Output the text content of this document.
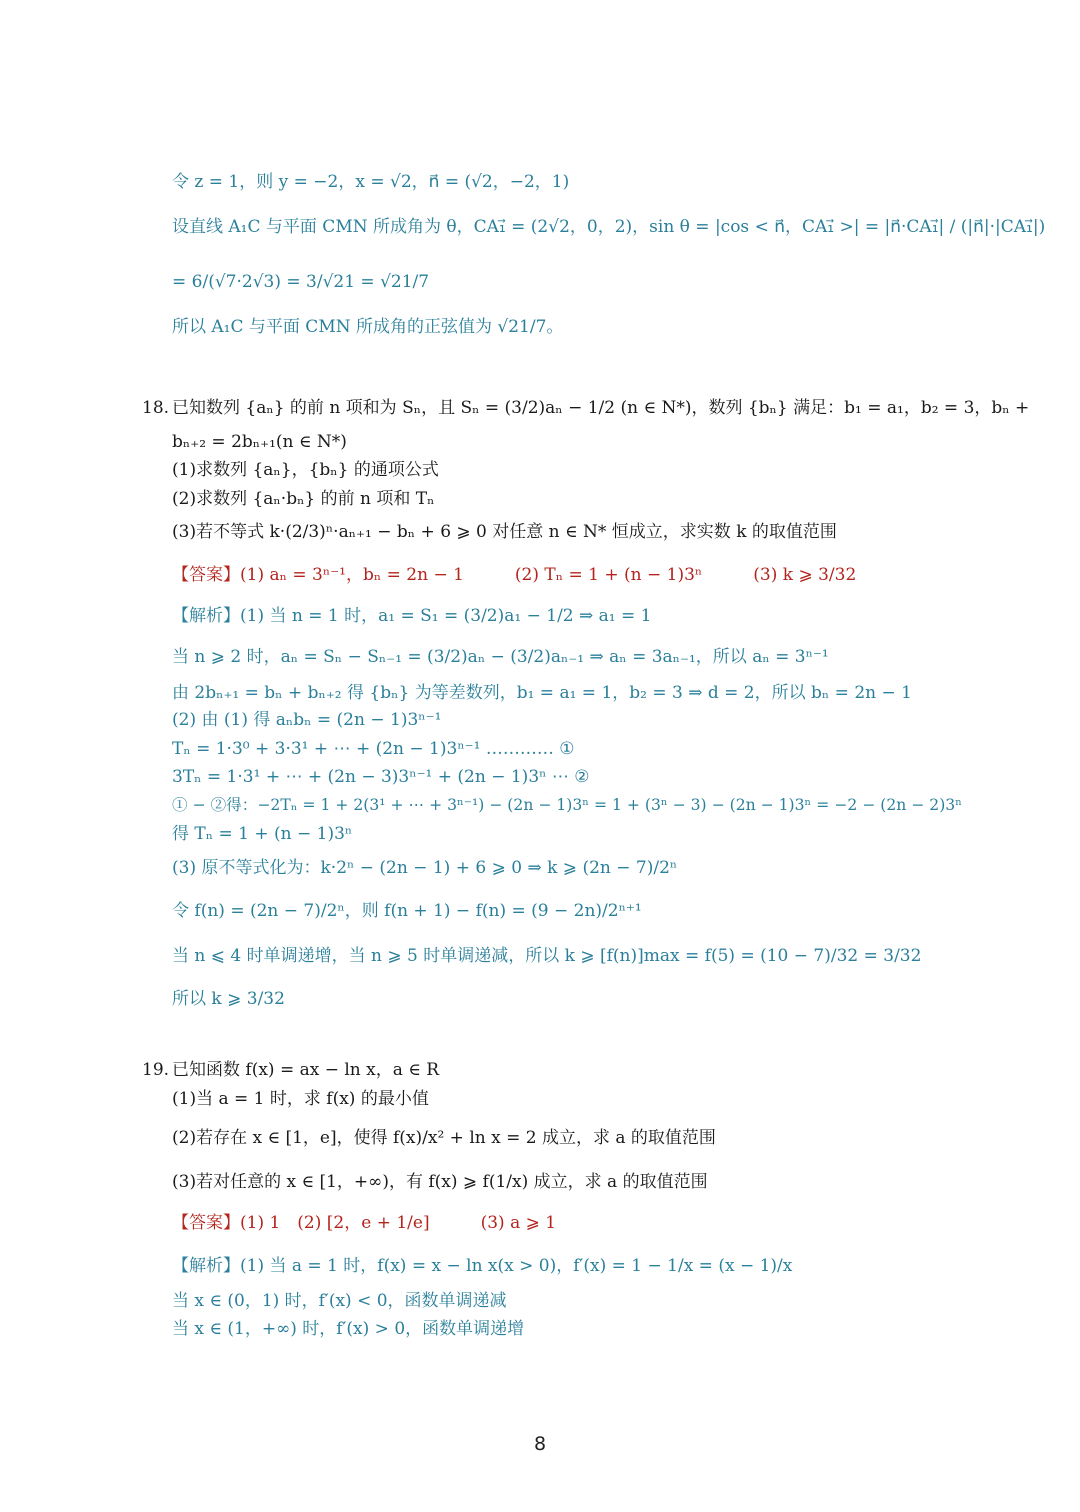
令 z = 1，则 y = −2，x = √2，n⃗ = (√2，−2，1)
设直线 A₁C 与平面 CMN 所成角为 θ，CA₁⃗ = (2√2，0，2)，sin θ = |cos < n⃗，CA₁⃗ >| = |n⃗·CA₁⃗| / (|n⃗|·|CA₁⃗|)
= 6/(√7·2√3) = 3/√21 = √21/7
所以 A₁C 与平面 CMN 所成角的正弦值为 √21/7。
18. 已知数列 {aₙ} 的前 n 项和为 Sₙ，且 Sₙ = (3/2)aₙ − 1/2 (n ∈ N*)，数列 {bₙ} 满足：b₁ = a₁，b₂ = 3，bₙ +
bₙ₊₂ = 2bₙ₊₁(n ∈ N*)
(1)求数列 {aₙ}，{bₙ} 的通项公式
(2)求数列 {aₙ·bₙ} 的前 n 项和 Tₙ
(3)若不等式 k·(2/3)ⁿ·aₙ₊₁ − bₙ + 6 ⩾ 0 对任意 n ∈ N* 恒成立，求实数 k 的取值范围
【答案】(1) aₙ = 3ⁿ⁻¹，bₙ = 2n − 1　　　(2) Tₙ = 1 + (n − 1)3ⁿ　　　(3) k ⩾ 3/32
【解析】(1) 当 n = 1 时，a₁ = S₁ = (3/2)a₁ − 1/2 ⇒ a₁ = 1
当 n ⩾ 2 时，aₙ = Sₙ − Sₙ₋₁ = (3/2)aₙ − (3/2)aₙ₋₁ ⇒ aₙ = 3aₙ₋₁，所以 aₙ = 3ⁿ⁻¹
由 2bₙ₊₁ = bₙ + bₙ₊₂ 得 {bₙ} 为等差数列，b₁ = a₁ = 1，b₂ = 3 ⇒ d = 2，所以 bₙ = 2n − 1
(2) 由 (1) 得 aₙbₙ = (2n − 1)3ⁿ⁻¹
Tₙ = 1·3⁰ + 3·3¹ + ⋯ + (2n − 1)3ⁿ⁻¹ ………… ①
3Tₙ = 1·3¹ + ⋯ + (2n − 3)3ⁿ⁻¹ + (2n − 1)3ⁿ ⋯ ②
① − ②得：−2Tₙ = 1 + 2(3¹ + ⋯ + 3ⁿ⁻¹) − (2n − 1)3ⁿ = 1 + (3ⁿ − 3) − (2n − 1)3ⁿ = −2 − (2n − 2)3ⁿ
得 Tₙ = 1 + (n − 1)3ⁿ
(3) 原不等式化为：k·2ⁿ − (2n − 1) + 6 ⩾ 0 ⇒ k ⩾ (2n − 7)/2ⁿ
令 f(n) = (2n − 7)/2ⁿ，则 f(n + 1) − f(n) = (9 − 2n)/2ⁿ⁺¹
当 n ⩽ 4 时单调递增，当 n ⩾ 5 时单调递减，所以 k ⩾ [f(n)]max = f(5) = (10 − 7)/32 = 3/32
所以 k ⩾ 3/32
19. 已知函数 f(x) = ax − ln x，a ∈ R
(1)当 a = 1 时，求 f(x) 的最小值
(2)若存在 x ∈ [1，e]，使得 f(x)/x² + ln x = 2 成立，求 a 的取值范围
(3)若对任意的 x ∈ [1，+∞)，有 f(x) ⩾ f(1/x) 成立，求 a 的取值范围
【答案】(1) 1　(2) [2，e + 1/e]　　　(3) a ⩾ 1
【解析】(1) 当 a = 1 时，f(x) = x − ln x(x > 0)，f′(x) = 1 − 1/x = (x − 1)/x
当 x ∈ (0，1) 时，f′(x) < 0，函数单调递减
当 x ∈ (1，+∞) 时，f′(x) > 0，函数单调递增
8
